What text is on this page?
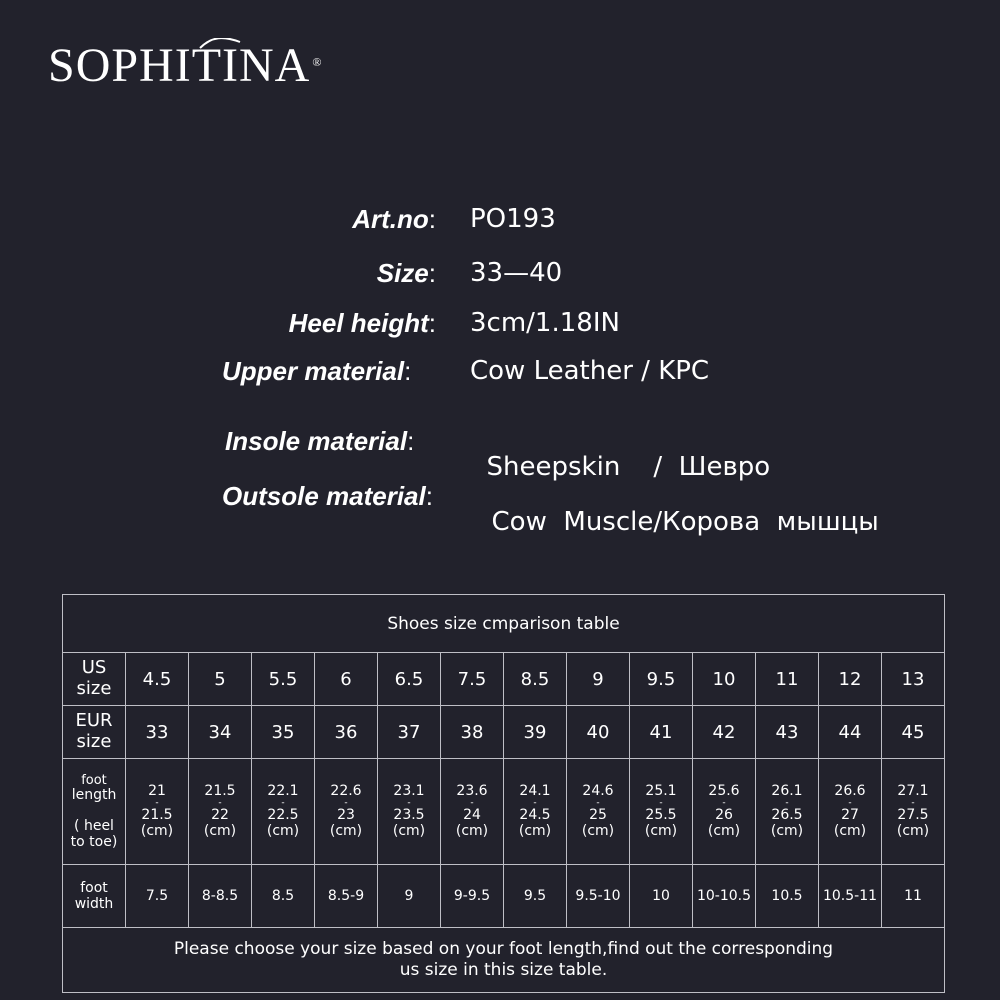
SOPHITINA ®
Art.no: PO193
Size: 33—40
Heel height: 3cm/1.18IN
Upper material: Cow Leather / KPC
Insole material:

Sheepskin    /  Шевро

Outsole material:

Cow  Muscle/Корова  мышцы

Shoes size cmparison table													
US
size	4.5	5	5.5	6	6.5	7.5	8.5	9	9.5	10	11	12	13
EUR
size	33	34	35	36	37	38	39	40	41	42	43	44	45
foot
length

( heel
to toe)	21
-
21.5
(cm)	21.5
-
22
(cm)	22.1
-
22.5
(cm)	22.6
-
23
(cm)	23.1
-
23.5
(cm)	23.6
-
24
(cm)	24.1
-
24.5
(cm)	24.6
-
25
(cm)	25.1
-
25.5
(cm)	25.6
-
26
(cm)	26.1
-
26.5
(cm)	26.6
-
27
(cm)	27.1
-
27.5
(cm)
foot
width	7.5	8-8.5	8.5	8.5-9	9	9-9.5	9.5	9.5-10	10	10-10.5	10.5	10.5-11	11
Please choose your size based on your foot length,find out the corresponding
us size in this size table.													
